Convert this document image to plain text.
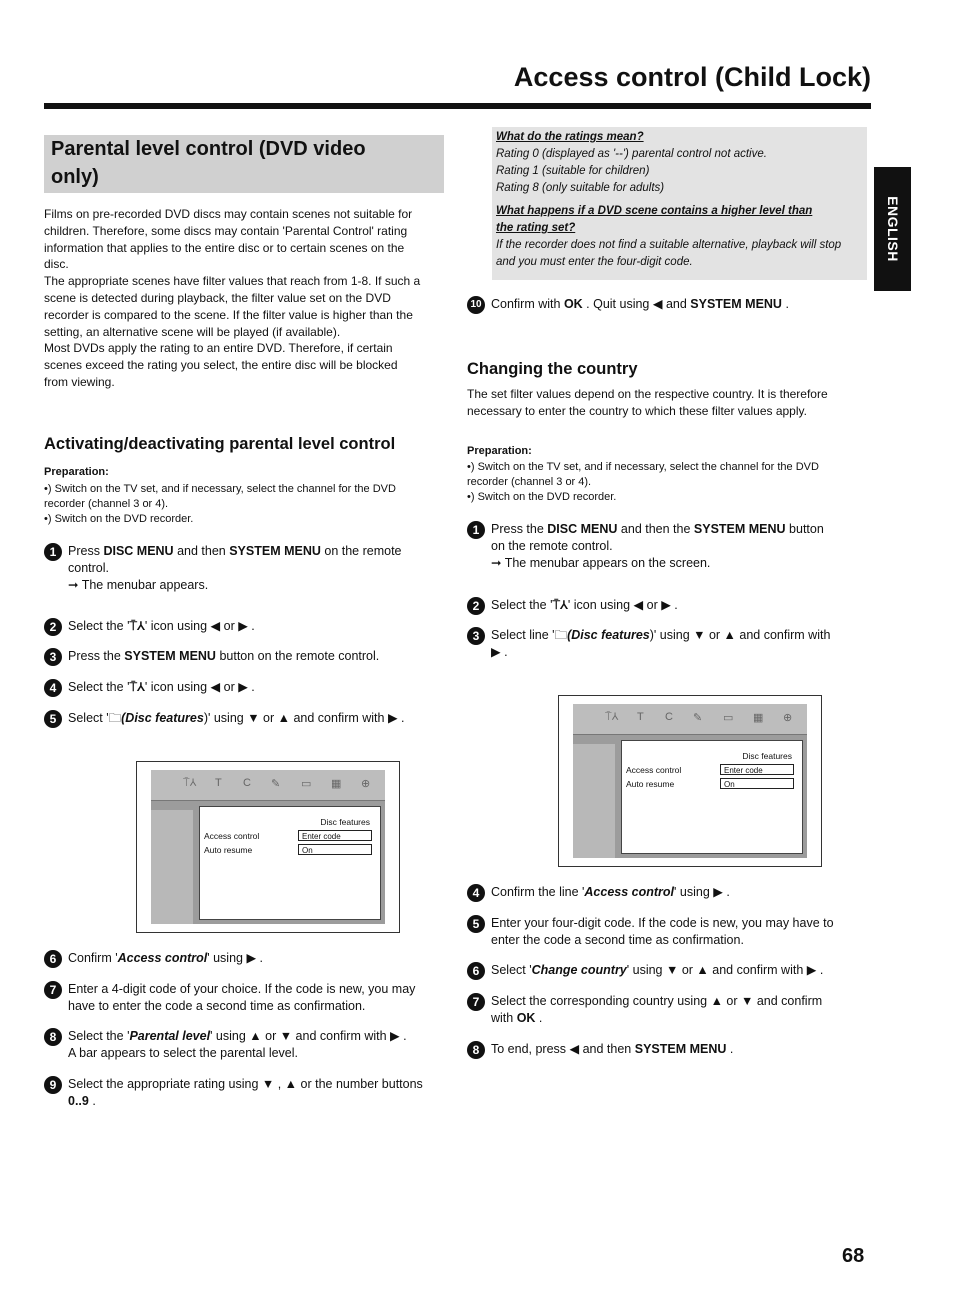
Access control (Child Lock)
ENGLISH
Parental level control (DVD video
only)
Films on pre-recorded DVD discs may contain scenes not suitable for
children. Therefore, some discs may contain 'Parental Control' rating
information that applies to the entire disc or to certain scenes on the
disc.
The appropriate scenes have filter values that reach from 1-8. If such a
scene is detected during playback, the filter value set on the DVD
recorder is compared to the scene. If the filter value is higher than the
setting, an alternative scene will be played (if available).
Most DVDs apply the rating to an entire DVD. Therefore, if certain
scenes exceed the rating you select, the entire disc will be blocked
from viewing.
Activating/deactivating parental level control
Preparation:
•) Switch on the TV set, and if necessary, select the channel for the DVD
recorder (channel 3 or 4).
•) Switch on the DVD recorder.
1 Press DISC MENU and then SYSTEM MENU on the remote
control.
➞ The menubar appears.
2 Select the '⍑⅄' icon using ◀ or ▶ .
3 Press the SYSTEM MENU button on the remote control.
4 Select the '⍑⅄' icon using ◀ or ▶ .
5 Select '🗀(Disc features)' using ▼ or ▲ and confirm with ▶ .
⍑⅄ T C ✎ ▭ ▦ ⊕
Disc features
Access control	Enter code
Auto resume	On
6 Confirm 'Access control' using ▶ .
7 Enter a 4-digit code of your choice. If the code is new, you may
have to enter the code a second time as confirmation.
8 Select the 'Parental level' using ▲ or ▼ and confirm with ▶ .
A bar appears to select the parental level.
9 Select the appropriate rating using ▼ , ▲ or the number buttons
0..9 .
What do the ratings mean?
Rating 0 (displayed as '--') parental control not active.
Rating 1 (suitable for children)
Rating 8 (only suitable for adults)
What happens if a DVD scene contains a higher level than
the rating set?
If the recorder does not find a suitable alternative, playback will stop
and you must enter the four-digit code.
10 Confirm with OK . Quit using ◀ and SYSTEM MENU .
Changing the country
The set filter values depend on the respective country. It is therefore
necessary to enter the country to which these filter values apply.
Preparation:
•) Switch on the TV set, and if necessary, select the channel for the DVD
recorder (channel 3 or 4).
•) Switch on the DVD recorder.
1 Press the DISC MENU and then the SYSTEM MENU button
on the remote control.
➞ The menubar appears on the screen.
2 Select the '⍑⅄' icon using ◀ or ▶ .
3 Select line '🗀(Disc features)' using ▼ or ▲ and confirm with
▶ .
⍑⅄ T C ✎ ▭ ▦ ⊕
Disc features
Access control	Enter code
Auto resume	On
4 Confirm the line 'Access control' using ▶ .
5 Enter your four-digit code. If the code is new, you may have to
enter the code a second time as confirmation.
6 Select 'Change country' using ▼ or ▲ and confirm with ▶ .
7 Select the corresponding country using ▲ or ▼ and confirm
with OK .
8 To end, press ◀ and then SYSTEM MENU .
68
